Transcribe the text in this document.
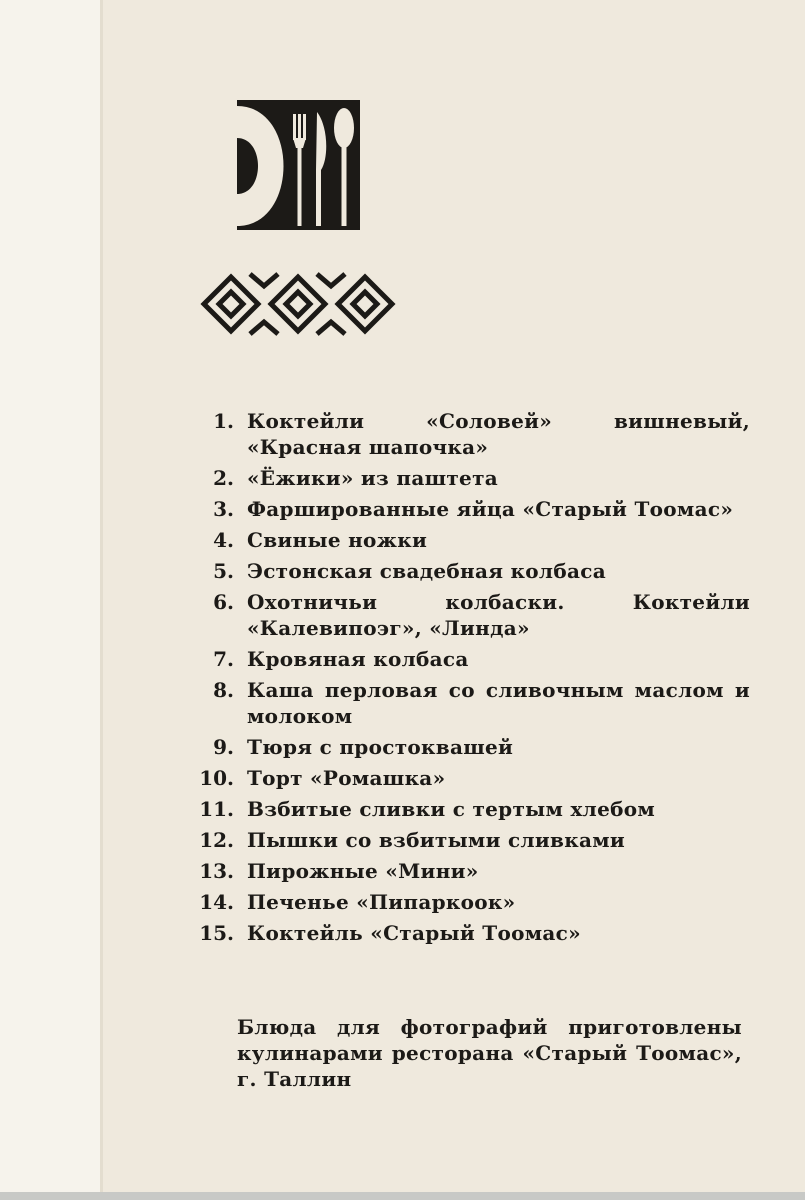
1. Коктейли «Соловей» вишневый, «Красная шапочка»
2. «Ёжики» из паштета
3. Фаршированные яйца «Старый Тоомас»
4. Свиные ножки
5. Эстонская свадебная колбаса
6. Охотничьи колбаски. Коктейли «Калевипоэг», «Линда»
7. Кровяная колбаса
8. Каша перловая со сливочным маслом и молоком
9. Тюря с простоквашей
10. Торт «Ромашка»
11. Взбитые сливки с тертым хлебом
12. Пышки со взбитыми сливками
13. Пирожные «Мини»
14. Печенье «Пипаркоок»
15. Коктейль «Старый Тоомас»

Блюда для фотографий приготовлены кулинарами ресторана «Старый Тоомас», г. Таллин
